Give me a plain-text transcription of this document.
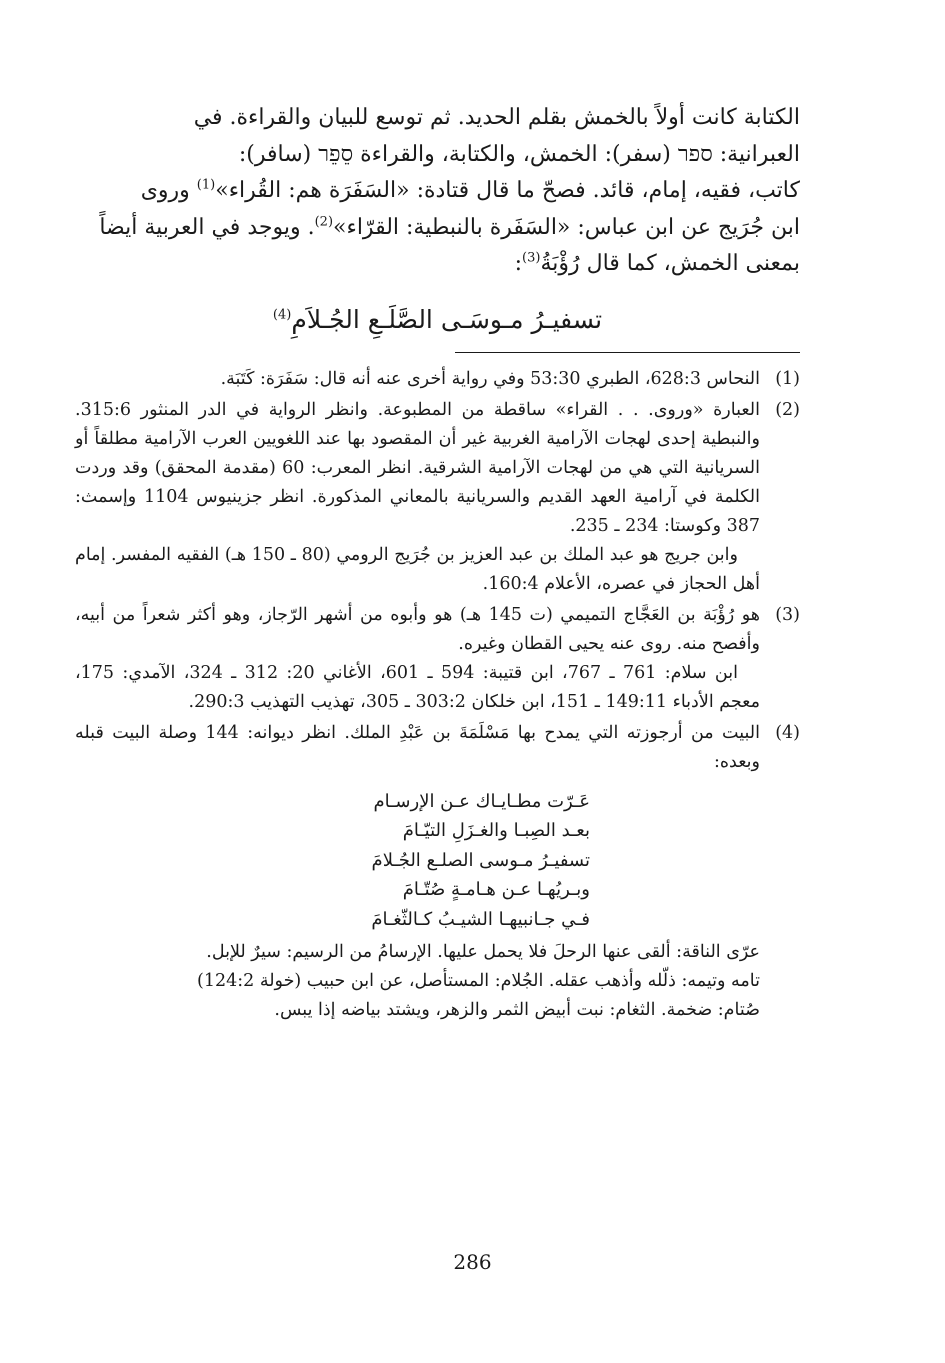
الكتابة كانت أولاً بالخمش بقلم الحديد. ثم توسع للبيان والقراءة. في
العبرانية: ספר (سفر): الخمش، والكتابة، والقراءة סֵפֵר (سافر):
كاتب، فقيه، إمام، قائد. فصحّ ما قال قتادة: «السَفَرَة هم: القُراء»$^{(1)}$ وروى
ابن جُرَيج عن ابن عباس: «السَفَرة بالنبطية: القرّاء»$^{(2)}$. ويوجد في العربية أيضاً
بمعنى الخمش، كما قال رُؤْبَةُ$^{(3)}$:

تسفيـرُ مـوسَـى الصَّلَـعِ الجُـلاَمِ$^{(4)}$
(1)

النحاس 628:3، الطبري 53:30 وفي رواية أخرى عنه أنه قال: سَفَرَة: كَتَبَة.

(2)

العبارة «وروى. . . القراء» ساقطة من المطبوعة. وانظر الرواية في الدر المنثور 315:6. والنبطية إحدى لهجات الآرامية الغربية غير أن المقصود بها عند اللغويين العرب الآرامية مطلقاً أو السريانية التي هي من لهجات الآرامية الشرقية. انظر المعرب: 60 (مقدمة المحقق) وقد وردت الكلمة في آرامية العهد القديم والسريانية بالمعاني المذكورة. انظر جزينيوس 1104 وإسمث: 387 وكوستا: 234 ـ 235.

وابن جريج هو عبد الملك بن عبد العزيز بن جُرَيج الرومي (80 ـ 150 هـ) الفقيه المفسر. إمام أهل الحجاز في عصره، الأعلام 160:4.

(3)

هو رُؤْبَة بن العَجَّاج التميمي (ت 145 هـ) هو وأبوه من أشهر الرّجاز، وهو أكثر شعراً من أبيه، وأفصح منه. روى عنه يحيى القطان وغيره.

ابن سلام: 761 ـ 767، ابن قتيبة: 594 ـ 601، الأغاني 20: 312 ـ 324، الآمدي: 175، معجم الأدباء 149:11 ـ 151، ابن خلكان 303:2 ـ 305، تهذيب التهذيب 290:3.

(4)

البيت من أرجوزته التي يمدح بها مَسْلَمَةَ بن عَبْدِ الملك. انظر ديوانه: 144 وصلة البيت قبله وبعده:

عَـرّت مطـايـاك عـن الإرسـام
بعـد الصِبـا والغـزَلِ التيّـامَ
تسفيـرُ مـوسى الصلـع الجُـلامَ
وبـريُهـا عـن هـامـةٍ صُتّـامَ
فـي جـانبيهـا الشيـبُ كـالثّغـامَ

عرّى الناقة: ألقى عنها الرحلَ فلا يحمل عليها. الإرسامُ من الرسيم: سيرٌ للإبل.

تامه وتيمه: ذلّله وأذهب عقله. الجُلام: المستأصل، عن ابن حبيب (خولة 124:2)

صُتام: ضخمة. الثغام: نبت أبيض الثمر والزهر، ويشتد بياضه إذا يبس.

286
